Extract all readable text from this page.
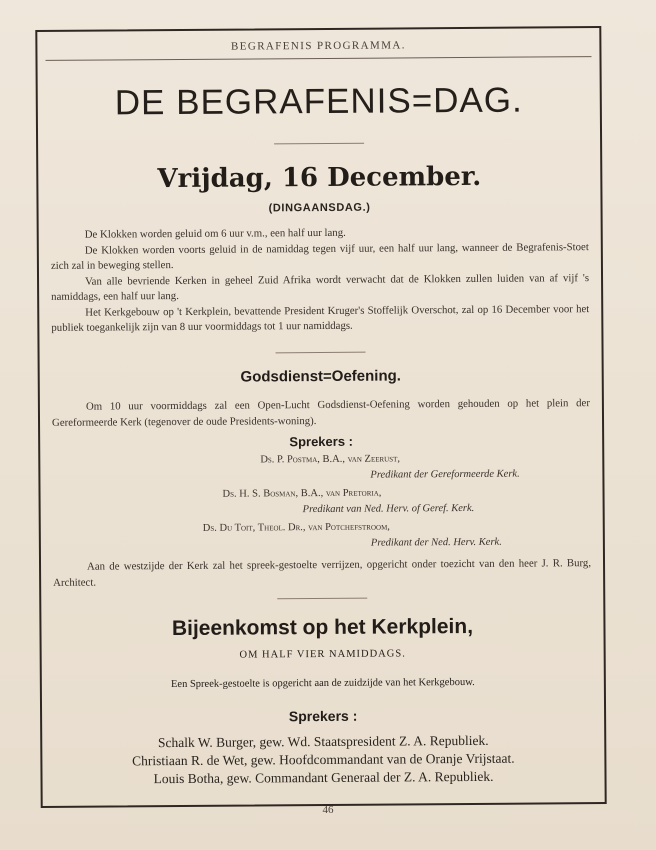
BEGRAFENIS PROGRAMMA.
DE BEGRAFENIS=DAG.
Vrijdag, 16 December.
(DINGAANSDAG.)
De Klokken worden geluid om 6 uur v.m., een half uur lang.
De Klokken worden voorts geluid in de namiddag tegen vijf uur, een half uur lang, wanneer de Begrafenis-Stoet zich zal in beweging stellen.
Van alle bevriende Kerken in geheel Zuid Afrika wordt verwacht dat de Klokken zullen luiden van af vijf 's namiddags, een half uur lang.
Het Kerkgebouw op 't Kerkplein, bevattende President Kruger's Stoffelijk Overschot, zal op 16 December voor het publiek toegankelijk zijn van 8 uur voormiddags tot 1 uur namiddags.
Godsdienst=Oefening.
Om 10 uur voormiddags zal een Open-Lucht Godsdienst-Oefening worden gehouden op het plein der Gereformeerde Kerk (tegenover de oude Presidents-woning).
Sprekers :
Ds. P. Postma, B.A., van Zeerust,
Predikant der Gereformeerde Kerk.
Ds. H. S. Bosman, B.A., van Pretoria,
Predikant van Ned. Herv. of Geref. Kerk.
Ds. Du Toit, Theol. Dr., van Potchefstroom,
Predikant der Ned. Herv. Kerk.
Aan de westzijde der Kerk zal het spreek-gestoelte verrijzen, opgericht onder toezicht van den heer J. R. Burg, Architect.
Bijeenkomst op het Kerkplein,
OM HALF VIER NAMIDDAGS.
Een Spreek-gestoelte is opgericht aan de zuidzijde van het Kerkgebouw.
Sprekers :
Schalk W. Burger, gew. Wd. Staatspresident Z. A. Republiek.
Christiaan R. de Wet, gew. Hoofdcommandant van de Oranje Vrijstaat.
Louis Botha, gew. Commandant Generaal der Z. A. Republiek.
46
